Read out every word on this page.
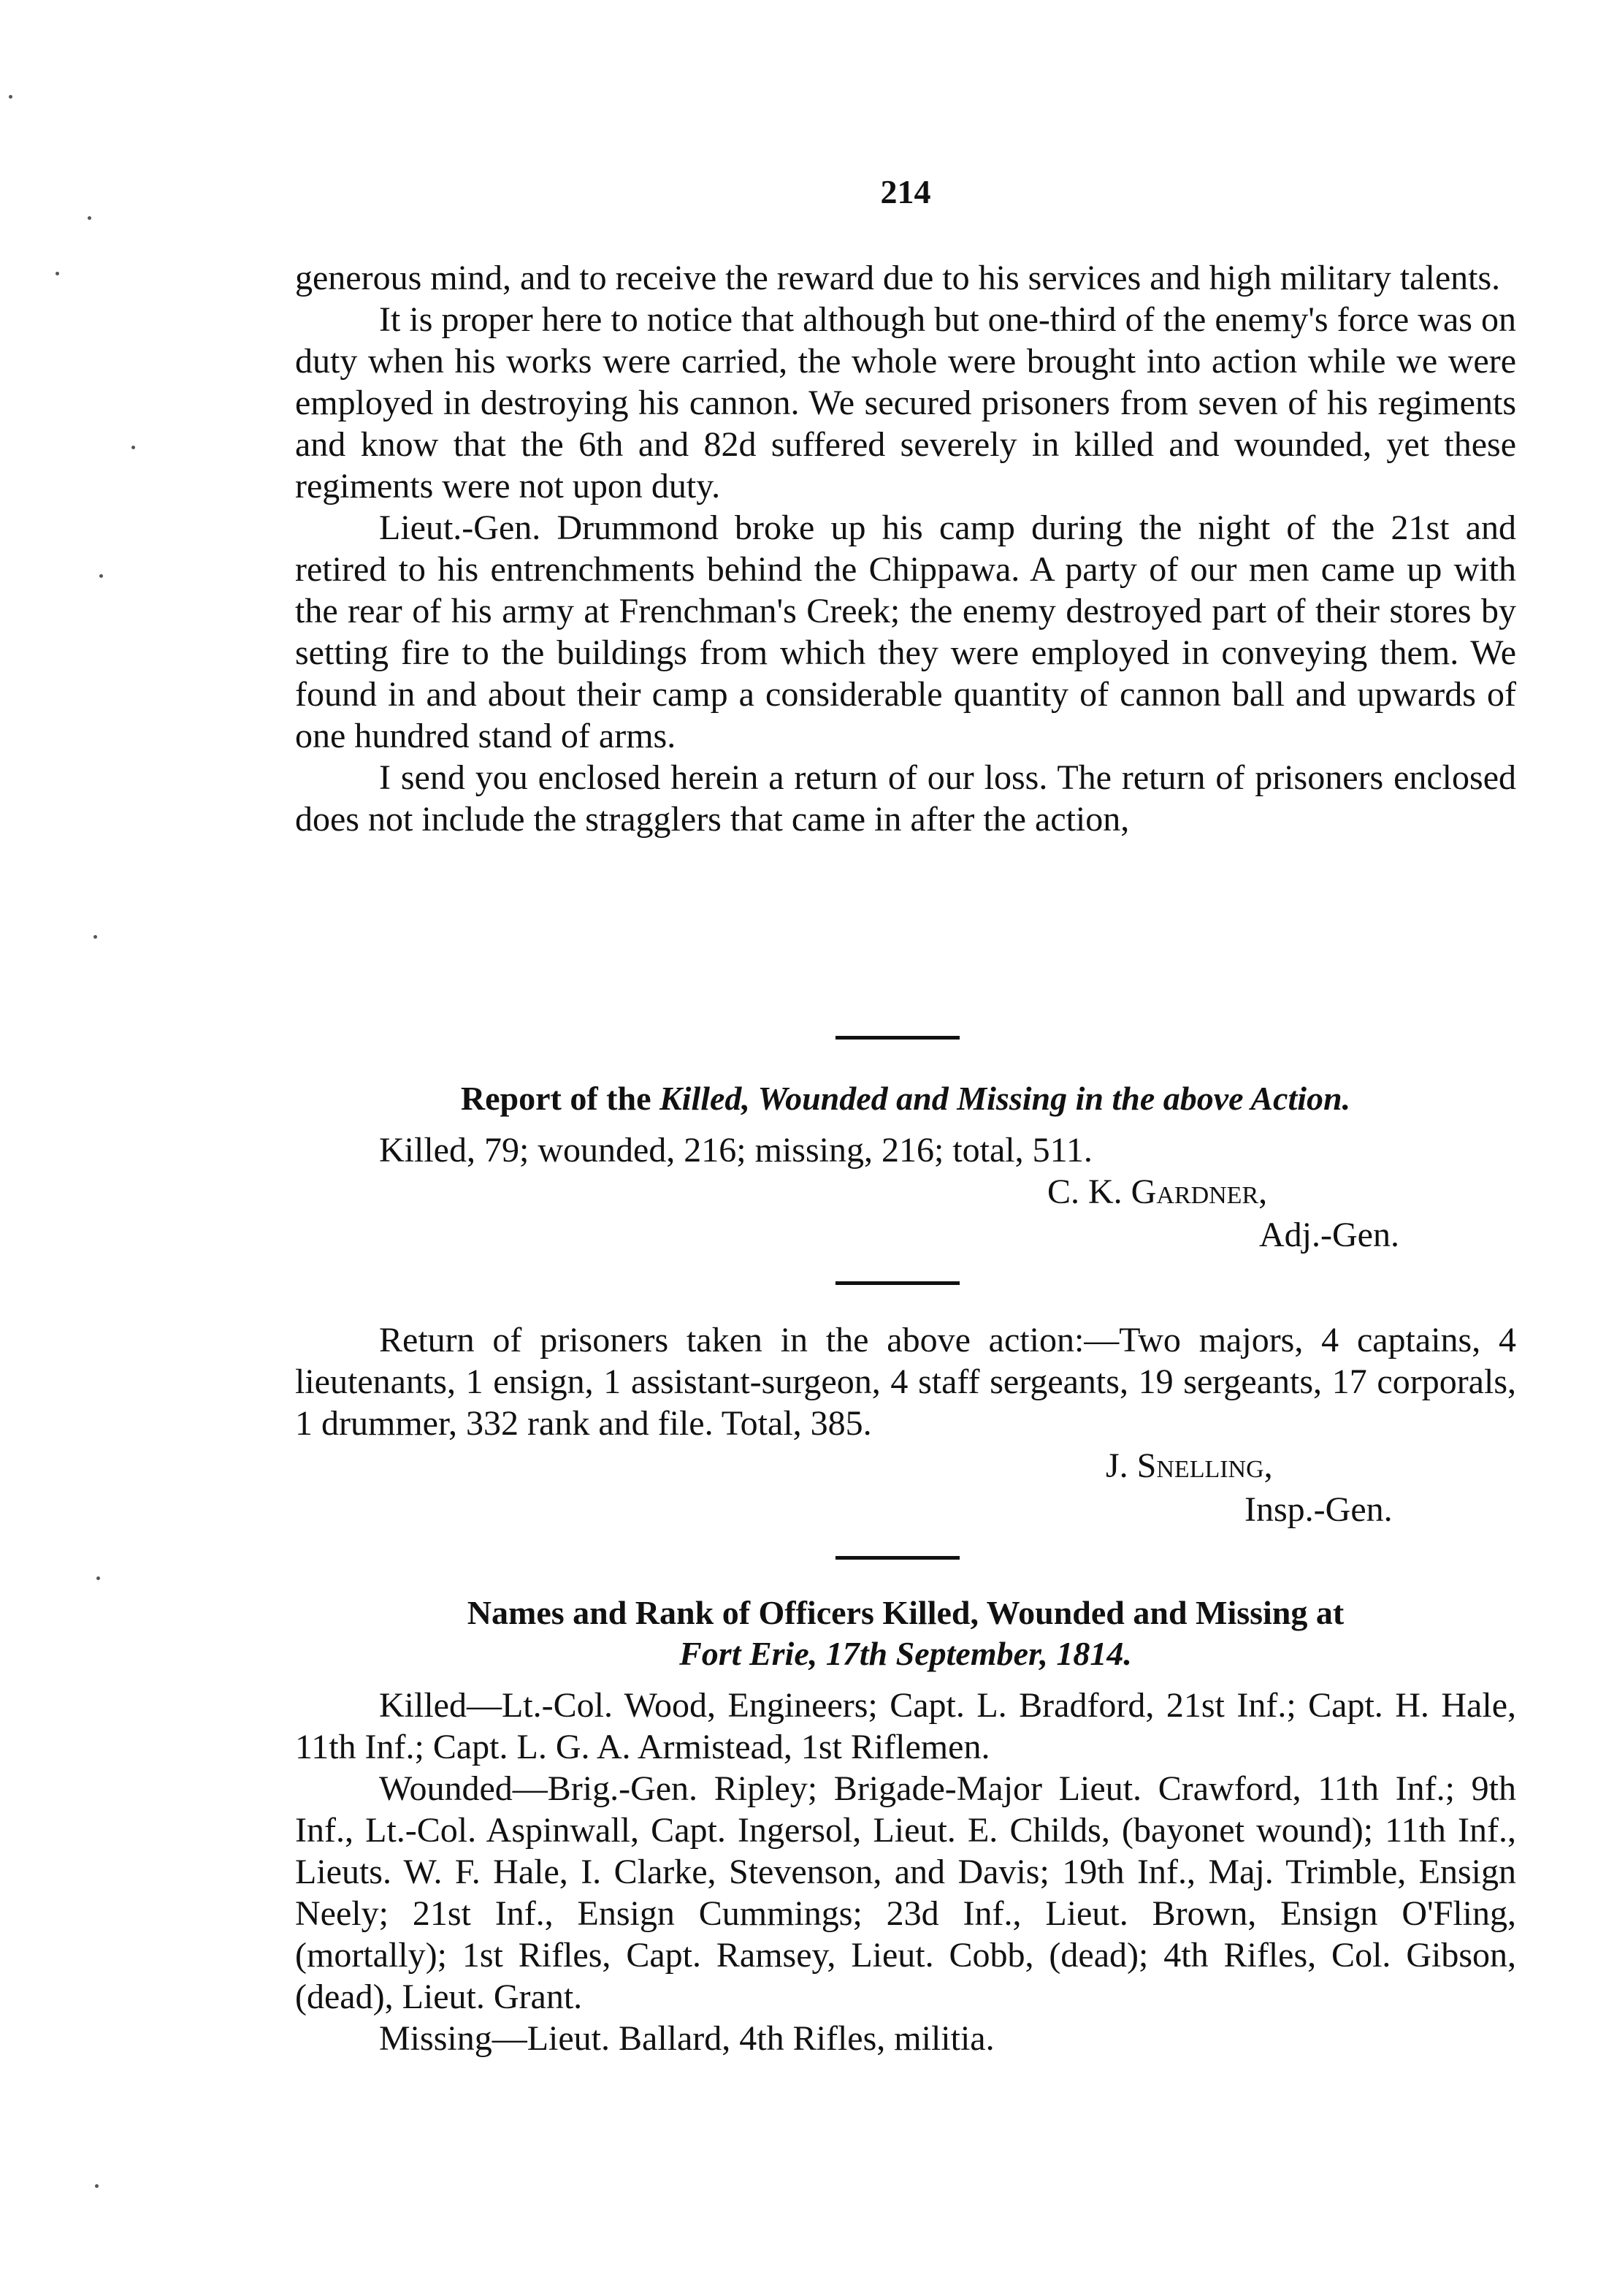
214

generous mind, and to receive the reward due to his services and high military talents.

It is proper here to notice that although but one-third of the enemy's force was on duty when his works were carried, the whole were brought into action while we were employed in destroying his cannon. We secured prisoners from seven of his regiments and know that the 6th and 82d suffered severely in killed and wounded, yet these regiments were not upon duty.

Lieut.-Gen. Drummond broke up his camp during the night of the 21st and retired to his entrenchments behind the Chippawa. A party of our men came up with the rear of his army at Frenchman's Creek; the enemy destroyed part of their stores by setting fire to the buildings from which they were employed in conveying them. We found in and about their camp a considerable quantity of cannon ball and upwards of one hundred stand of arms.

I send you enclosed herein a return of our loss. The return of prisoners enclosed does not include the stragglers that came in after the action,

Report of the Killed, Wounded and Missing in the above Action.
Killed, 79; wounded, 216; missing, 216; total, 511.
C. K. Gardner,
Adj.-Gen.

Return of prisoners taken in the above action:—Two majors, 4 captains, 4 lieutenants, 1 ensign, 1 assistant-surgeon, 4 staff sergeants, 19 sergeants, 17 corporals, 1 drummer, 332 rank and file. Total, 385.

J. Snelling,
Insp.-Gen.
Names and Rank of Officers Killed, Wounded and Missing at
Fort Erie, 17th September, 1814.

Killed—Lt.-Col. Wood, Engineers; Capt. L. Bradford, 21st Inf.; Capt. H. Hale, 11th Inf.; Capt. L. G. A. Armistead, 1st Riflemen.

Wounded—Brig.-Gen. Ripley; Brigade-Major Lieut. Crawford, 11th Inf.; 9th Inf., Lt.-Col. Aspinwall, Capt. Ingersol, Lieut. E. Childs, (bayonet wound); 11th Inf., Lieuts. W. F. Hale, I. Clarke, Stevenson, and Davis; 19th Inf., Maj. Trimble, Ensign Neely; 21st Inf., Ensign Cummings; 23d Inf., Lieut. Brown, Ensign O'Fling, (mortally); 1st Rifles, Capt. Ramsey, Lieut. Cobb, (dead); 4th Rifles, Col. Gibson, (dead), Lieut. Grant.

Missing—Lieut. Ballard, 4th Rifles, militia.
